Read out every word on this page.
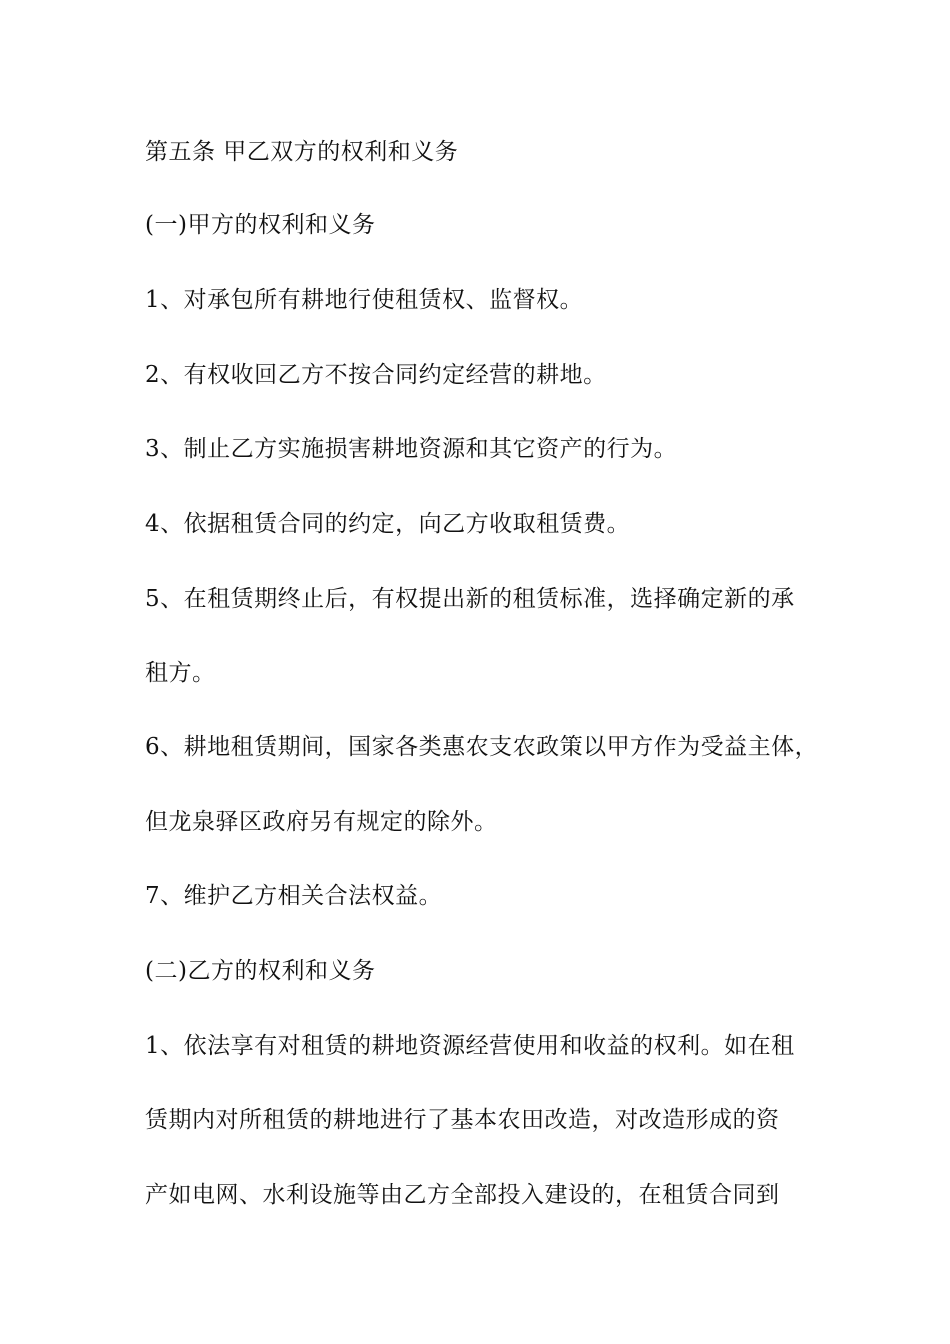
第五条 甲乙双方的权利和义务
(一)甲方的权利和义务
1、对承包所有耕地行使租赁权、监督权。
2、有权收回乙方不按合同约定经营的耕地。
3、制止乙方实施损害耕地资源和其它资产的行为。
4、依据租赁合同的约定，向乙方收取租赁费。
5、在租赁期终止后，有权提出新的租赁标准，选择确定新的承
租方。
6、耕地租赁期间，国家各类惠农支农政策以甲方作为受益主体，
但龙泉驿区政府另有规定的除外。
7、维护乙方相关合法权益。
(二)乙方的权利和义务
1、依法享有对租赁的耕地资源经营使用和收益的权利。如在租
赁期内对所租赁的耕地进行了基本农田改造，对改造形成的资
产如电网、水利设施等由乙方全部投入建设的，在租赁合同到
